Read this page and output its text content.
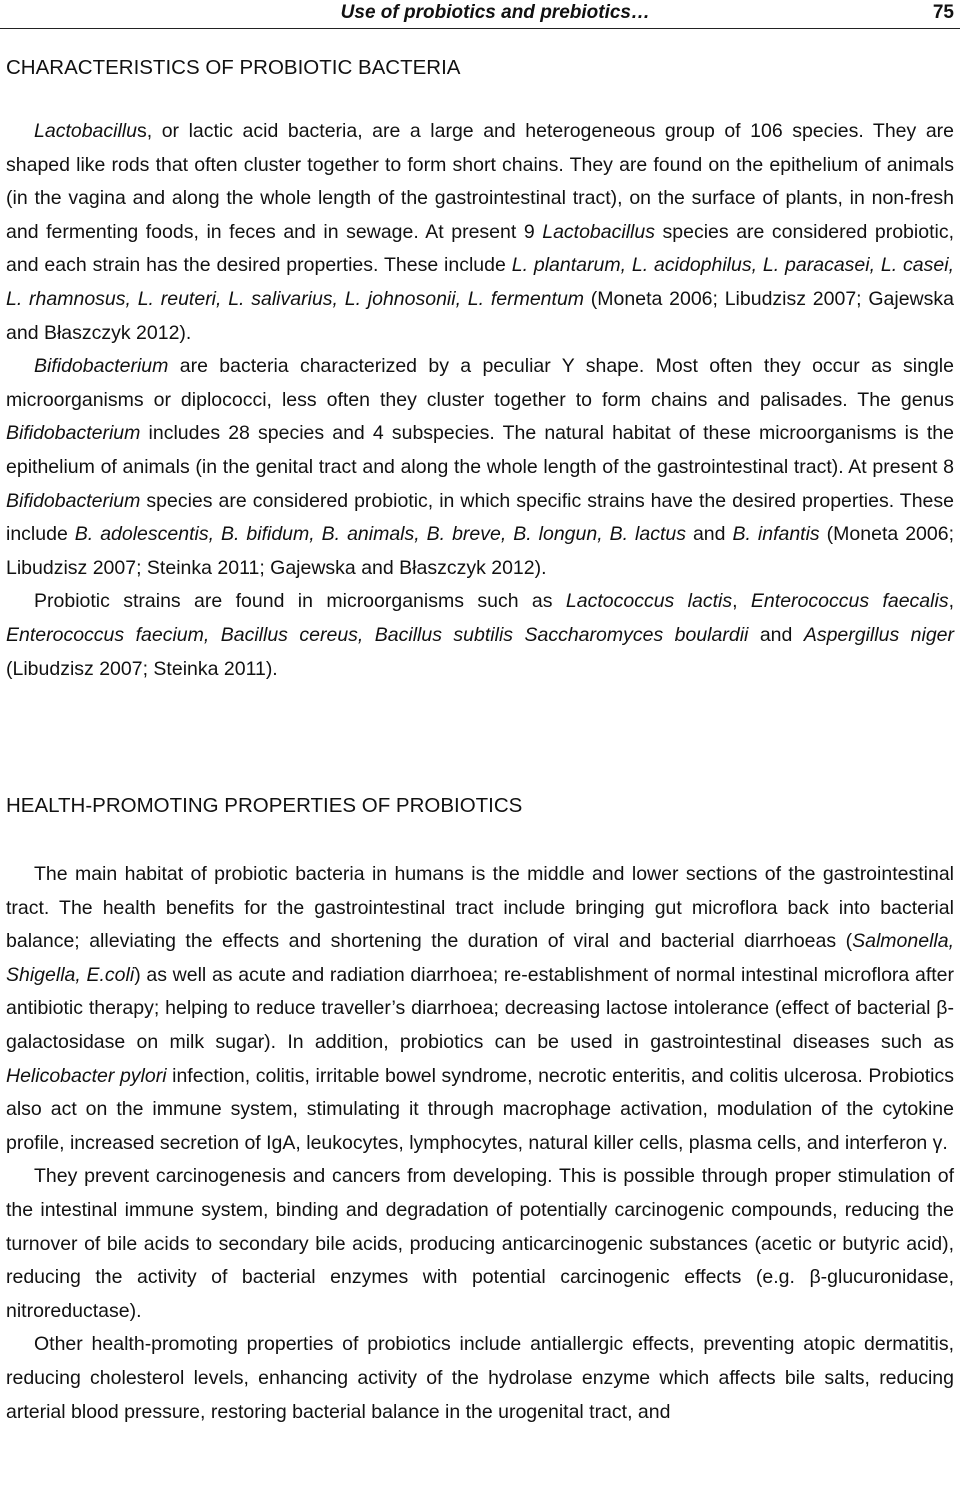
Use of probiotics and prebiotics…	75
CHARACTERISTICS OF PROBIOTIC BACTERIA

Lactobacillus, or lactic acid bacteria, are a large and heterogeneous group of 106 species. They are shaped like rods that often cluster together to form short chains. They are found on the epithelium of animals (in the vagina and along the whole length of the gastrointestinal tract), on the surface of plants, in non-fresh and fermenting foods, in feces and in sewage. At present 9 Lactobacillus species are considered probiotic, and each strain has the desired properties. These include L. plantarum, L. acidophilus, L. paracasei, L. casei, L. rhamnosus, L. reuteri, L. salivarius, L. johnosonii, L. fermentum (Moneta 2006; Libudzisz 2007; Gajewska and Błaszczyk 2012).

Bifidobacterium are bacteria characterized by a peculiar Y shape. Most often they occur as single microorganisms or diplococci, less often they cluster together to form chains and palisades. The genus Bifidobacterium includes 28 species and 4 subspecies. The natural habitat of these microorganisms is the epithelium of animals (in the genital tract and along the whole length of the gastrointestinal tract). At present 8 Bifidobacterium species are considered probiotic, in which specific strains have the desired properties. These include B. adolescentis, B. bifidum, B. animals, B. breve, B. longun, B. lactus and B. infantis (Moneta 2006; Libudzisz 2007; Steinka 2011; Gajewska and Błaszczyk 2012).

Probiotic strains are found in microorganisms such as Lactococcus lactis, Enterococcus faecalis, Enterococcus faecium, Bacillus cereus, Bacillus subtilis Saccharomyces boulardii and Aspergillus niger (Libudzisz 2007; Steinka 2011).

HEALTH-PROMOTING PROPERTIES OF PROBIOTICS

The main habitat of probiotic bacteria in humans is the middle and lower sections of the gastrointestinal tract. The health benefits for the gastrointestinal tract include bringing gut microflora back into bacterial balance; alleviating the effects and shortening the duration of viral and bacterial diarrhoeas (Salmonella, Shigella, E.coli) as well as acute and radiation diarrhoea; re-establishment of normal intestinal microflora after antibiotic therapy; helping to reduce traveller’s diarrhoea; decreasing lactose intolerance (effect of bacterial β-galactosidase on milk sugar). In addition, probiotics can be used in gastrointestinal diseases such as Helicobacter pylori infection, colitis, irritable bowel syndrome, necrotic enteritis, and colitis ulcerosa. Probiotics also act on the immune system, stimulating it through macrophage activation, modulation of the cytokine profile, increased secretion of IgA, leukocytes, lymphocytes, natural killer cells, plasma cells, and interferon γ.

They prevent carcinogenesis and cancers from developing. This is possible through proper stimulation of the intestinal immune system, binding and degradation of potentially carcinogenic compounds, reducing the turnover of bile acids to secondary bile acids, producing anticarcinogenic substances (acetic or butyric acid), reducing the activity of bacterial enzymes with potential carcinogenic effects (e.g. β-glucuronidase, nitroreductase).

Other health-promoting properties of probiotics include antiallergic effects, preventing atopic dermatitis, reducing cholesterol levels, enhancing activity of the hydrolase enzyme which affects bile salts, reducing arterial blood pressure, restoring bacterial balance in the urogenital tract, and
